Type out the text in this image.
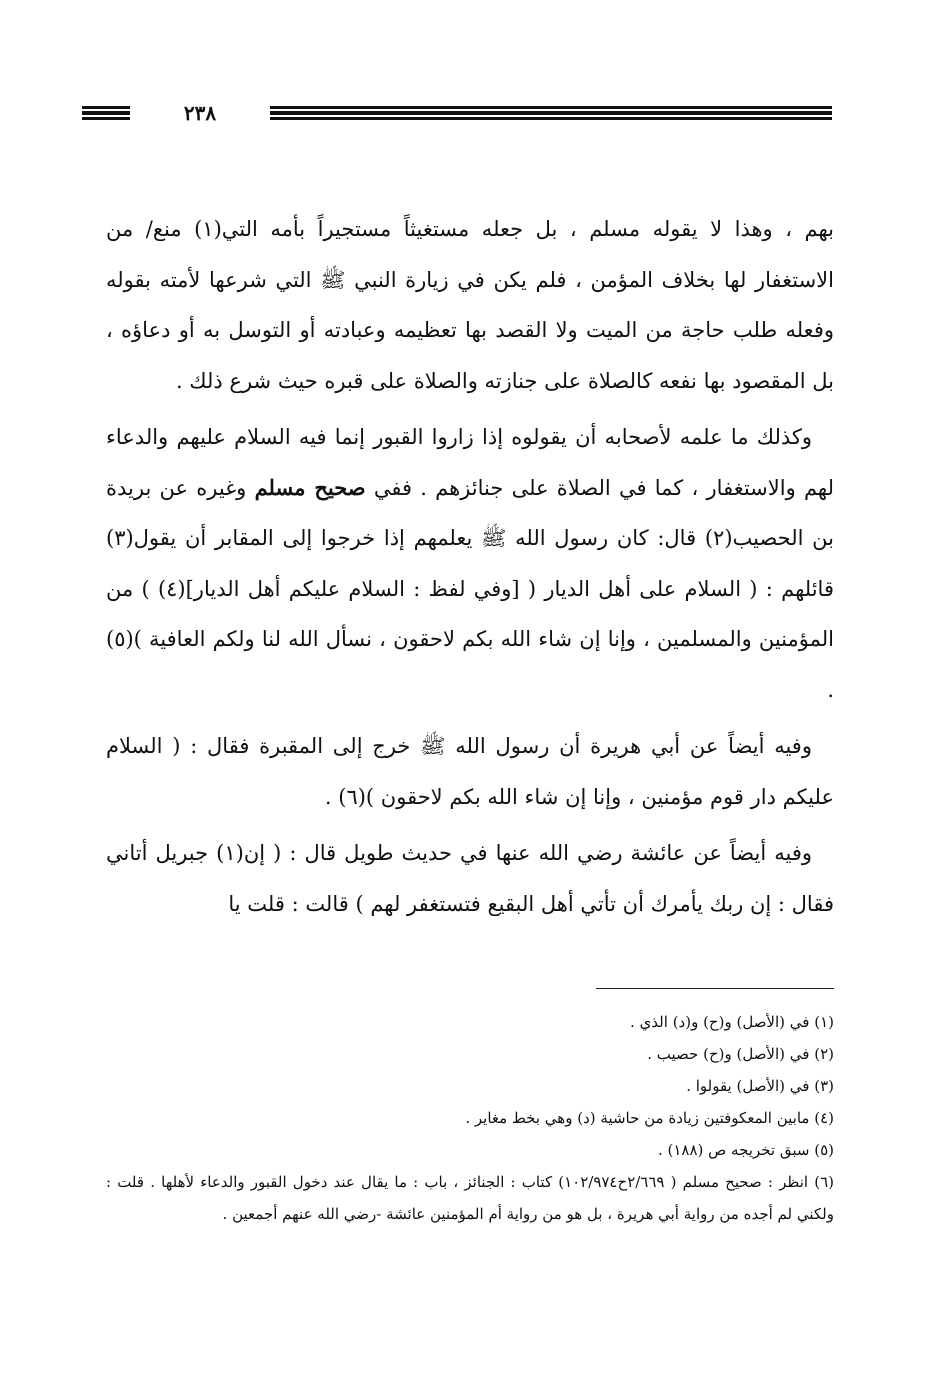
٢٣٨

بهم ، وهذا لا يقوله مسلم ، بل جعله مستغيثاً مستجيراً بأمه التي(١) منع/ من الاستغفار لها بخلاف المؤمن ، فلم يكن في زيارة النبي ﷺ التي شرعها لأمته بقوله وفعله طلب حاجة من الميت ولا القصد بها تعظيمه وعبادته أو التوسل به أو دعاؤه ، بل المقصود بها نفعه كالصلاة على جنازته والصلاة على قبره حيث شرع ذلك .

وكذلك ما علمه لأصحابه أن يقولوه إذا زاروا القبور إنما فيه السلام عليهم والدعاء لهم والاستغفار ، كما في الصلاة على جنائزهم . ففي صحيح مسلم وغيره عن بريدة بن الحصيب(٢) قال: كان رسول الله ﷺ يعلمهم إذا خرجوا إلى المقابر أن يقول(٣) قائلهم : ( السلام على أهل الديار ( [وفي لفظ : السلام عليكم أهل الديار](٤) ) من المؤمنين والمسلمين ، وإنا إن شاء الله بكم لاحقون ، نسأل الله لنا ولكم العافية )(٥) .

وفيه أيضاً عن أبي هريرة أن رسول الله ﷺ خرج إلى المقبرة فقال : ( السلام عليكم دار قوم مؤمنين ، وإنا إن شاء الله بكم لاحقون )(٦) .

وفيه أيضاً عن عائشة رضي الله عنها في حديث طويل قال : ( إن(١) جبريل أتاني فقال : إن ربك يأمرك أن تأتي أهل البقيع فتستغفر لهم ) قالت : قلت يا

(١) في (الأصل) و(ح) و(د) الذي .

(٢) في (الأصل) و(ح) حصيب .

(٣) في (الأصل) يقولوا .

(٤) مابين المعكوفتين زيادة من حاشية (د) وهي بخط مغاير .

(٥) سبق تخريجه ص (١٨٨) .

(٦) انظر : صحيح مسلم ( ٢/٦٦٩ح١٠٢/٩٧٤) كتاب : الجنائز ، باب : ما يقال عند دخول القبور والدعاء لأهلها . قلت : ولكني لم أجده من رواية أبي هريرة ، بل هو من رواية أم المؤمنين عائشة -رضي الله عنهم أجمعين .
